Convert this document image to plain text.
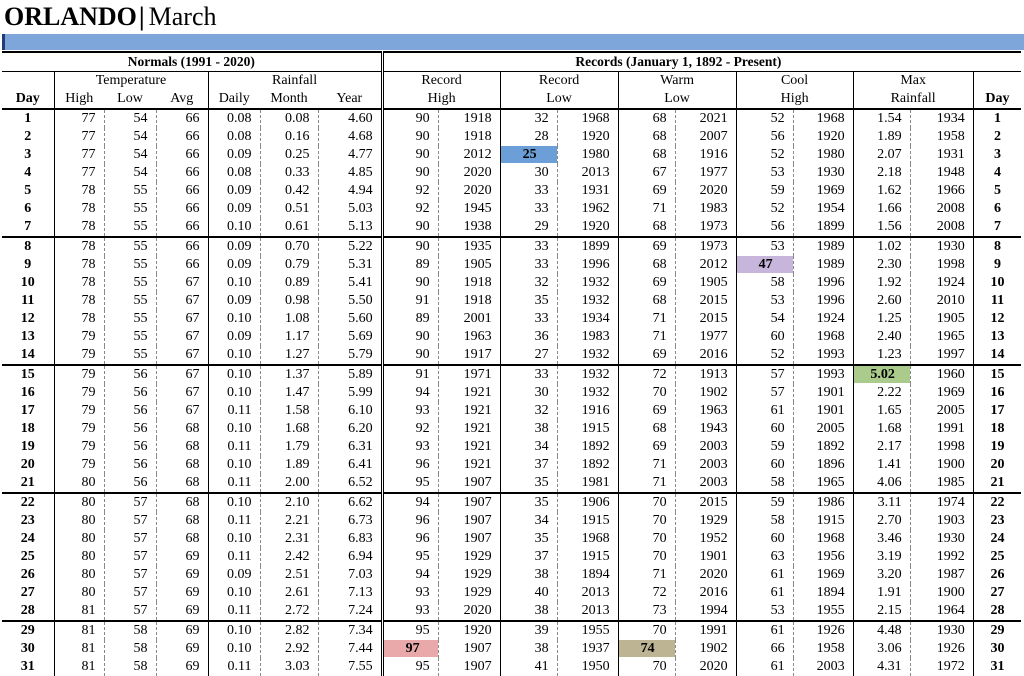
ORLANDO| March
Normals (1991 - 2020)							Records (January 1, 1892 - Present)										
	Temperature			Rainfall			Record		Record		Warm		Cool		Max		
Day	High	Low	Avg	Daily	Month	Year	High		Low		Low		High		Rainfall		Day
1	77	54	66	0.08	0.08	4.60	90	1918	32	1968	68	2021	52	1968	1.54	1934	1
2	77	54	66	0.08	0.16	4.68	90	1918	28	1920	68	2007	56	1920	1.89	1958	2
3	77	54	66	0.09	0.25	4.77	90	2012	25	1980	68	1916	52	1980	2.07	1931	3
4	77	54	66	0.08	0.33	4.85	90	2020	30	2013	67	1977	53	1930	2.18	1948	4
5	78	55	66	0.09	0.42	4.94	92	2020	33	1931	69	2020	59	1969	1.62	1966	5
6	78	55	66	0.09	0.51	5.03	92	1945	33	1962	71	1983	52	1954	1.66	2008	6
7	78	55	66	0.10	0.61	5.13	90	1938	29	1920	68	1973	56	1899	1.56	2008	7
8	78	55	66	0.09	0.70	5.22	90	1935	33	1899	69	1973	53	1989	1.02	1930	8
9	78	55	66	0.09	0.79	5.31	89	1905	33	1996	68	2012	47	1989	2.30	1998	9
10	78	55	67	0.10	0.89	5.41	90	1918	32	1932	69	1905	58	1996	1.92	1924	10
11	78	55	67	0.09	0.98	5.50	91	1918	35	1932	68	2015	53	1996	2.60	2010	11
12	78	55	67	0.10	1.08	5.60	89	2001	33	1934	71	2015	54	1924	1.25	1905	12
13	79	55	67	0.09	1.17	5.69	90	1963	36	1983	71	1977	60	1968	2.40	1965	13
14	79	55	67	0.10	1.27	5.79	90	1917	27	1932	69	2016	52	1993	1.23	1997	14
15	79	56	67	0.10	1.37	5.89	91	1971	33	1932	72	1913	57	1993	5.02	1960	15
16	79	56	67	0.10	1.47	5.99	94	1921	30	1932	70	1902	57	1901	2.22	1969	16
17	79	56	67	0.11	1.58	6.10	93	1921	32	1916	69	1963	61	1901	1.65	2005	17
18	79	56	68	0.10	1.68	6.20	92	1921	38	1915	68	1943	60	2005	1.68	1991	18
19	79	56	68	0.11	1.79	6.31	93	1921	34	1892	69	2003	59	1892	2.17	1998	19
20	79	56	68	0.10	1.89	6.41	96	1921	37	1892	71	2003	60	1896	1.41	1900	20
21	80	56	68	0.11	2.00	6.52	95	1907	35	1981	71	2003	58	1965	4.06	1985	21
22	80	57	68	0.10	2.10	6.62	94	1907	35	1906	70	2015	59	1986	3.11	1974	22
23	80	57	68	0.11	2.21	6.73	96	1907	34	1915	70	1929	58	1915	2.70	1903	23
24	80	57	68	0.10	2.31	6.83	96	1907	35	1968	70	1952	60	1968	3.46	1930	24
25	80	57	69	0.11	2.42	6.94	95	1929	37	1915	70	1901	63	1956	3.19	1992	25
26	80	57	69	0.09	2.51	7.03	94	1929	38	1894	71	2020	61	1969	3.20	1987	26
27	80	57	69	0.10	2.61	7.13	93	1929	40	2013	72	2016	61	1894	1.91	1900	27
28	81	57	69	0.11	2.72	7.24	93	2020	38	2013	73	1994	53	1955	2.15	1964	28
29	81	58	69	0.10	2.82	7.34	95	1920	39	1955	70	1991	61	1926	4.48	1930	29
30	81	58	69	0.10	2.92	7.44	97	1907	38	1937	74	1902	66	1958	3.06	1926	30
31	81	58	69	0.11	3.03	7.55	95	1907	41	1950	70	2020	61	2003	4.31	1972	31
